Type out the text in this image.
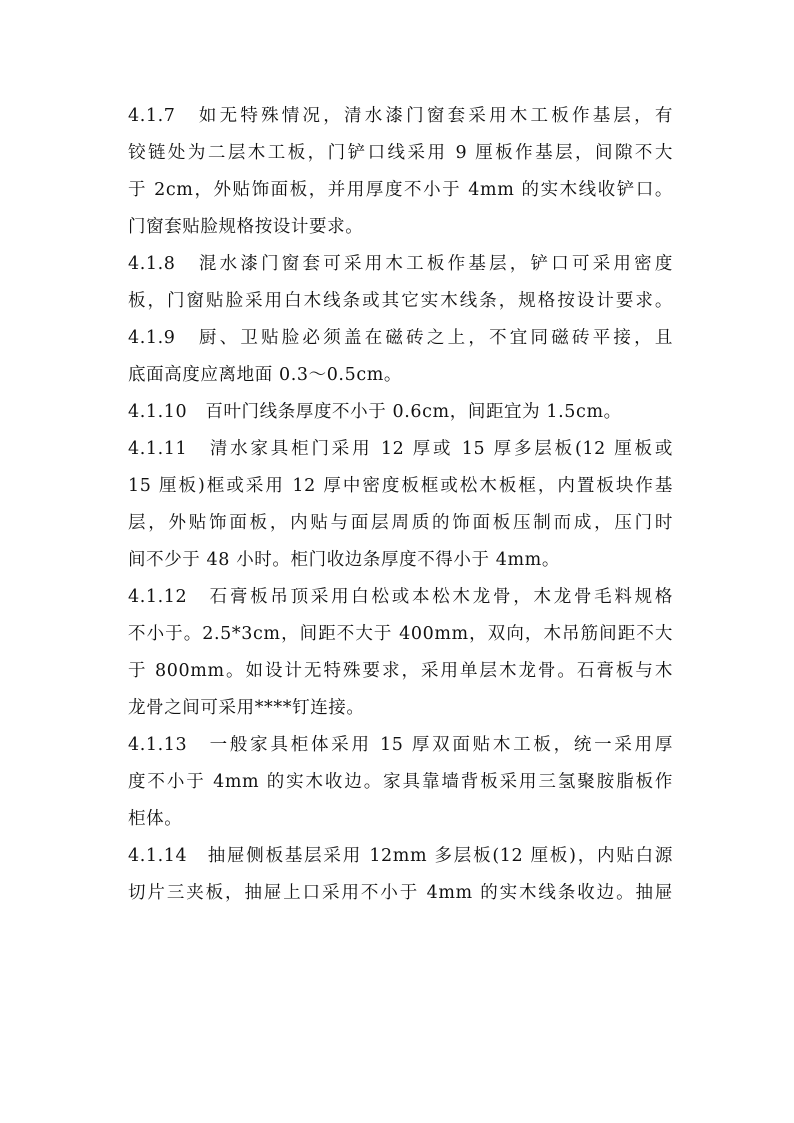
4.1.7　如无特殊情况，清水漆门窗套采用木工板作基层，有
铰链处为二层木工板，门铲口线采用 9 厘板作基层，间隙不大
于 2cm，外贴饰面板，并用厚度不小于 4mm 的实木线收铲口。
门窗套贴脸规格按设计要求。
4.1.8　混水漆门窗套可采用木工板作基层，铲口可采用密度
板，门窗贴脸采用白木线条或其它实木线条，规格按设计要求。
4.1.9　厨、卫贴脸必须盖在磁砖之上，不宜同磁砖平接，且
底面高度应离地面 0.3～0.5cm。
4.1.10　百叶门线条厚度不小于 0.6cm，间距宜为 1.5cm。
4.1.11　清水家具柜门采用 12 厚或 15 厚多层板(12 厘板或
15 厘板)框或采用 12 厚中密度板框或松木板框，内置板块作基
层，外贴饰面板，内贴与面层周质的饰面板压制而成，压门时
间不少于 48 小时。柜门收边条厚度不得小于 4mm。
4.1.12　石膏板吊顶采用白松或本松木龙骨，木龙骨毛料规格
不小于。2.5*3cm，间距不大于 400mm，双向，木吊筋间距不大
于 800mm。如设计无特殊要求，采用单层木龙骨。石膏板与木
龙骨之间可采用****钉连接。
4.1.13　一般家具柜体采用 15 厚双面贴木工板，统一采用厚
度不小于 4mm 的实木收边。家具靠墙背板采用三氢聚胺脂板作
柜体。
4.1.14　抽屉侧板基层采用 12mm 多层板(12 厘板)，内贴白源
切片三夹板，抽屉上口采用不小于 4mm 的实木线条收边。抽屉
